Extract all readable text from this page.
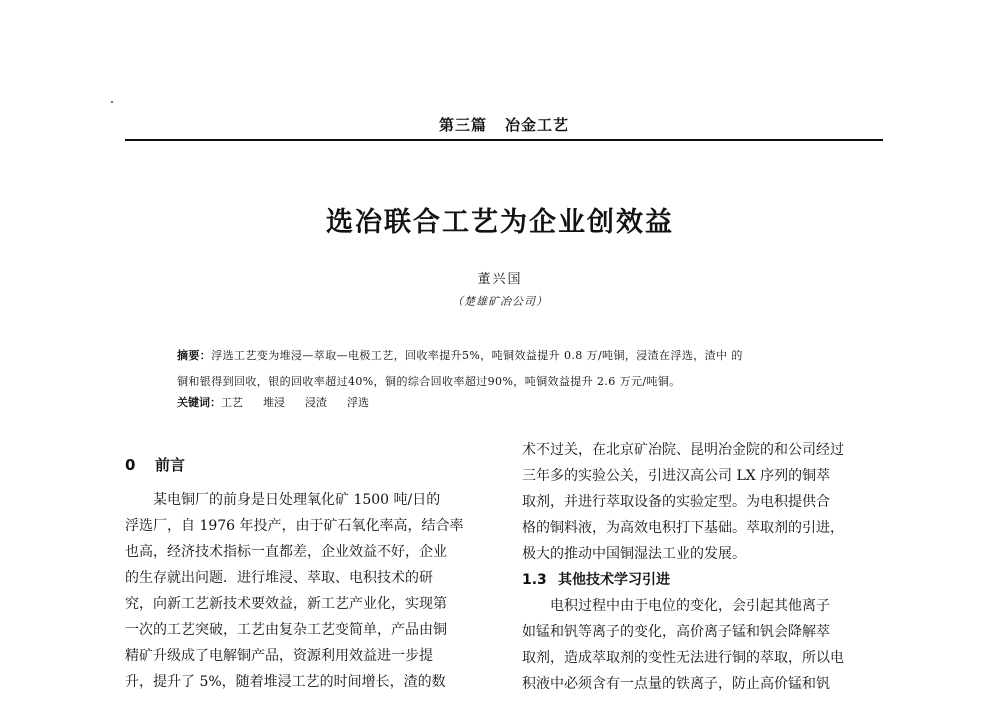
第三篇 冶金工艺
选冶联合工艺为企业创效益
董兴国
（楚雄矿冶公司）
摘要：浮选工艺变为堆浸—萃取—电极工艺，回收率提升5%，吨铜效益提升 0.8 万/吨铜，浸渣在浮选，渣中 的
铜和银得到回收，银的回收率超过40%，铜的综合回收率超过90%，吨铜效益提升 2.6 万元/吨铜。
关键词：工艺 堆浸 浸渣 浮选
0 前言
某电铜厂的前身是日处理氧化矿 1500 吨/日的
浮选厂，自 1976 年投产，由于矿石氧化率高，结合率
也高，经济技术指标一直都差，企业效益不好，企业
的生存就出问题．进行堆浸、萃取、电积技术的研
究，向新工艺新技术要效益，新工艺产业化，实现第
一次的工艺突破，工艺由复杂工艺变简单，产品由铜
精矿升级成了电解铜产品，资源利用效益进一步提
升，提升了 5%，随着堆浸工艺的时间增长，渣的数
术不过关，在北京矿冶院、昆明冶金院的和公司经过
三年多的实验公关，引进汉高公司 LX 序列的铜萃
取剂，并进行萃取设备的实验定型。为电积提供合
格的铜料液，为高效电积打下基础。萃取剂的引进，
极大的推动中国铜湿法工业的发展。
1.3 其他技术学习引进
电积过程中由于电位的变化，会引起其他离子
如锰和钒等离子的变化，高价离子锰和钒会降解萃
取剂，造成萃取剂的变性无法进行铜的萃取，所以电
积液中必须含有一点量的铁离子，防止高价锰和钒
